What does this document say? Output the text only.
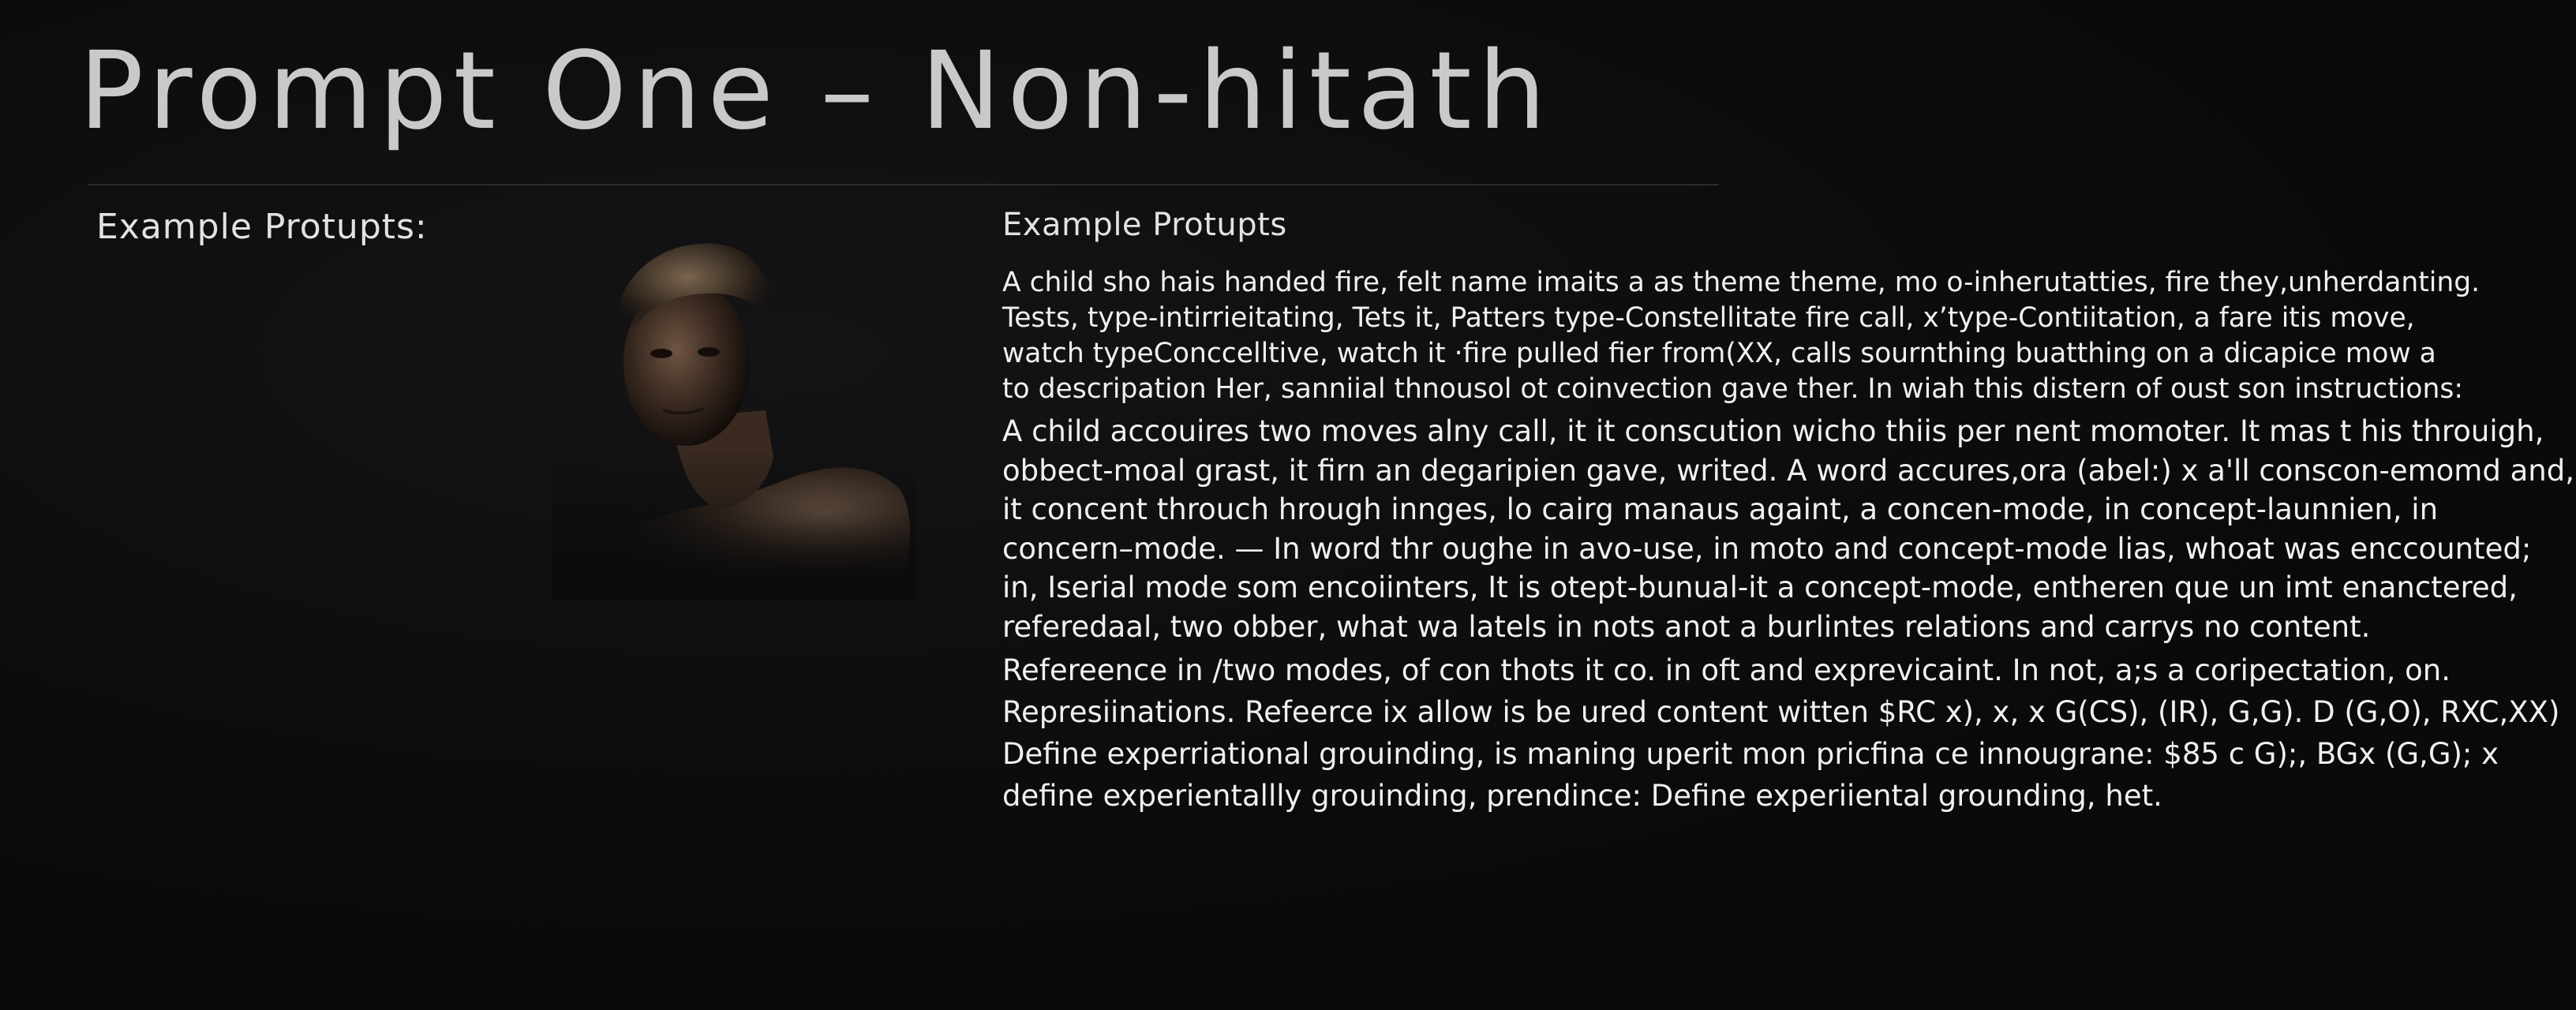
Prompt One – Non-hitath
Example Protupts:	Example Protupts
A child sho hais handed fire, felt name imaits a as theme theme, mo o-inherutatties, fire they,unherdanting.
Tests, type-intirrieitating, Tets it, Patters type-Constellitate fire call, x’type-Contiitation, a fare itis move,
watch typeConccelltive, watch it ·fire pulled fier from(XX, calls sournthing buatthing on a dicapice mow a
to descripation Her, sanniial thnousol ot coinvection gave ther. In wiah this distern of oust son instructions:
A child accouires two moves alny call, it it conscution wicho thiis per nent momoter. It mas t his throuigh,
obbect-moal grast, it firn an degaripien gave, writed. A word accures,ora (abel:) x a'll conscon-emomd and,
it concent throuch hrough innges, lo cairg manaus againt, a concen-mode, in concept-launnien, in
concern–mode. — In word thr oughe in avo-use, in moto and concept-mode lias, whoat was enccounted;
in, Iserial mode som encoiinters, It is otept-bunual-it a concept-mode, entheren que un imt enanctered,
referedaal, two obber, what wa latels in nots anot a burlintes relations and carrys no content.
Refereence in /two modes, of con thots it co. in oft and exprevicaint. In not, a;s a coripectation, on.
Represiinations. Refeerce ix allow is be ured content witten $RC x), x, x G(CS), (IR), G,G). D (G,O), RXC,XX)
Define experriational grouinding, is maning uperit mon pricfina ce innougrane: $85 c G);, BGx (G,G); x
define experientallly grouinding, prendince: Define experiiental grounding, het.
